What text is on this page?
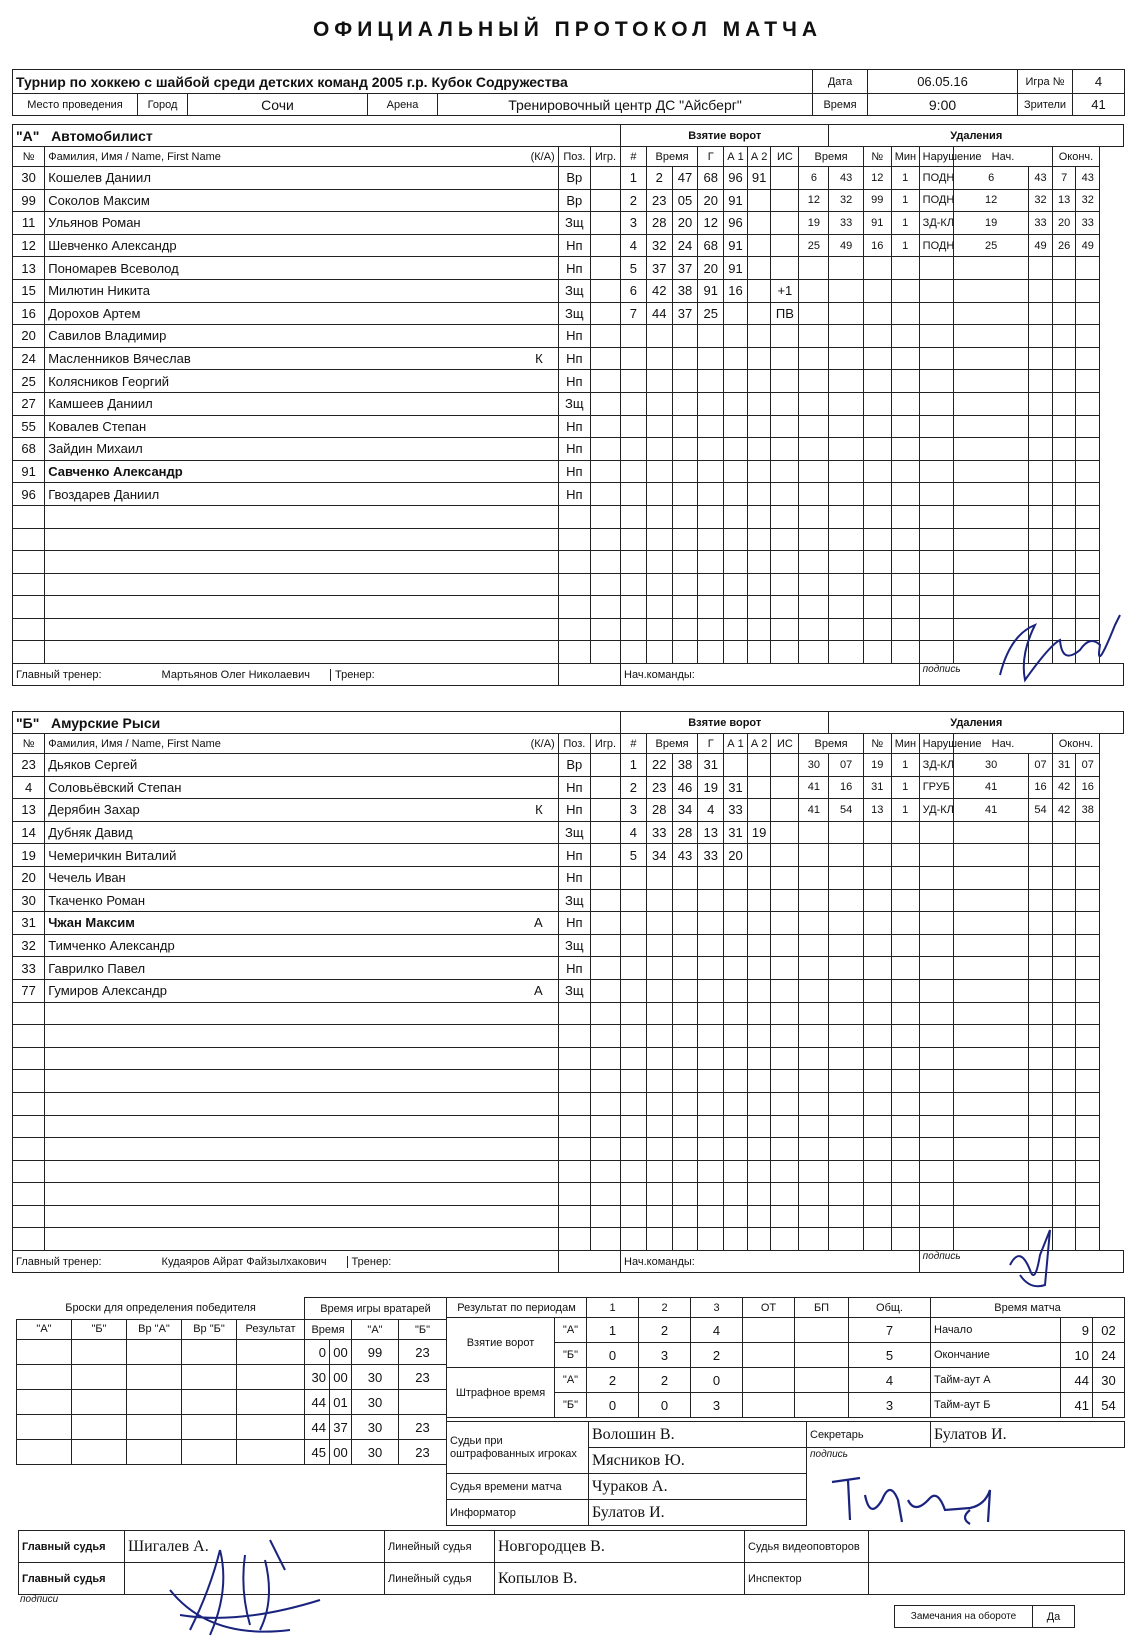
ОФИЦИАЛЬНЫЙ ПРОТОКОЛ МАТЧА
Турнир по хоккею с шайбой среди детских команд 2005 г.р. Кубок Содружества					Дата	06.05.16	Игра №	4
Место проведения	Город	Сочи	Арена	Тренировочный центр ДС "Айсберг"	Время	9:00	Зрители	41
"А" Автомобилист				Взятие ворот								Удаления							
№	Фамилия, Имя / Name, First Name (К/А)	Поз.	Игр.	#	Время		Г	А 1	А 2	ИС	Время		№	Мин	Нарушение	Нач.		Оконч.	
30	Кошелев Даниил	Вр		1	2	47	68	96	91		6	43	12	1	ПОДН	6	43	7	43
99	Соколов Максим	Вр		2	23	05	20	91			12	32	99	1	ПОДН	12	32	13	32
11	Ульянов Роман	Зщ		3	28	20	12	96			19	33	91	1	ЗД-КЛ	19	33	20	33
12	Шевченко Александр	Нп		4	32	24	68	91			25	49	16	1	ПОДН	25	49	26	49
13	Пономарев Всеволод	Нп		5	37	37	20	91											
15	Милютин Никита	Зщ		6	42	38	91	16		+1									
16	Дорохов Артем	Зщ		7	44	37	25			ПВ									
20	Савилов Владимир	Нп																	
24	Масленников Вячеслав К	Нп																	
25	Колясников Георгий	Нп																	
27	Камшеев Даниил	Зщ																	
55	Ковалев Степан	Нп																	
68	Зайдин Михаил	Нп																	
91	Савченко Александр	Нп																	
96	Гвоздарев Даниил	Нп																	

Главный тренер: Мартьянов Олег Николаевич Тренер:				Нач.команды:											подпись				
"Б" Амурские Рыси				Взятие ворот								Удаления							
№	Фамилия, Имя / Name, First Name (К/А)	Поз.	Игр.	#	Время		Г	А 1	А 2	ИС	Время		№	Мин	Нарушение	Нач.		Оконч.	
23	Дьяков Сергей	Вр		1	22	38	31				30	07	19	1	ЗД-КЛ	30	07	31	07
4	Соловьёвский Степан	Нп		2	23	46	19	31			41	16	31	1	ГРУБ	41	16	42	16
13	Дерябин Захар К	Нп		3	28	34	4	33			41	54	13	1	УД-КЛ	41	54	42	38
14	Дубняк Давид	Зщ		4	33	28	13	31	19										
19	Чемеричкин Виталий	Нп		5	34	43	33	20											
20	Чечель Иван	Нп																	
30	Ткаченко Роман	Зщ																	
31	Чжан Максим А	Нп																	
32	Тимченко Александр	Зщ																	
33	Гаврилко Павел	Нп																	
77	Гумиров Александр А	Зщ																	

Главный тренер: Кудаяров Айрат Файзылхакович Тренер:				Нач.команды:											подпись				
Броски для определения победителя				
"А"	"Б"	Вр "А"	Вр "Б"	Результат

Время игры вратарей			
Время		"А"	"Б"
0	00	99	23
30	00	30	23
44	01	30	
44	37	30	23
45	00	30	23
Результат по периодам		1	2	3	ОТ	БП	Общ.
Взятие ворот	"А"	1	2	4			7
	"Б"	0	3	2			5
Штрафное время	"А"	2	2	0			4
	"Б"	0	0	3			3
Время матча		
Начало	9	02
Окончание	10	24
Тайм-аут А	44	30
Тайм-аут Б	41	54
Судьи при оштрафованных игроках	Волошин В.
	Мясников Ю.
Судья времени матча	Чураков А.
Информатор	Булатов И.
Секретарь	Булатов И.
подпись
Главный судья	Шигалев А.	Линейный судья	Новгородцев В.	Судья видеоповторов	
Главный судья		Линейный судья	Копылов В.	Инспектор	
подписи
Замечания на обороте	Да
